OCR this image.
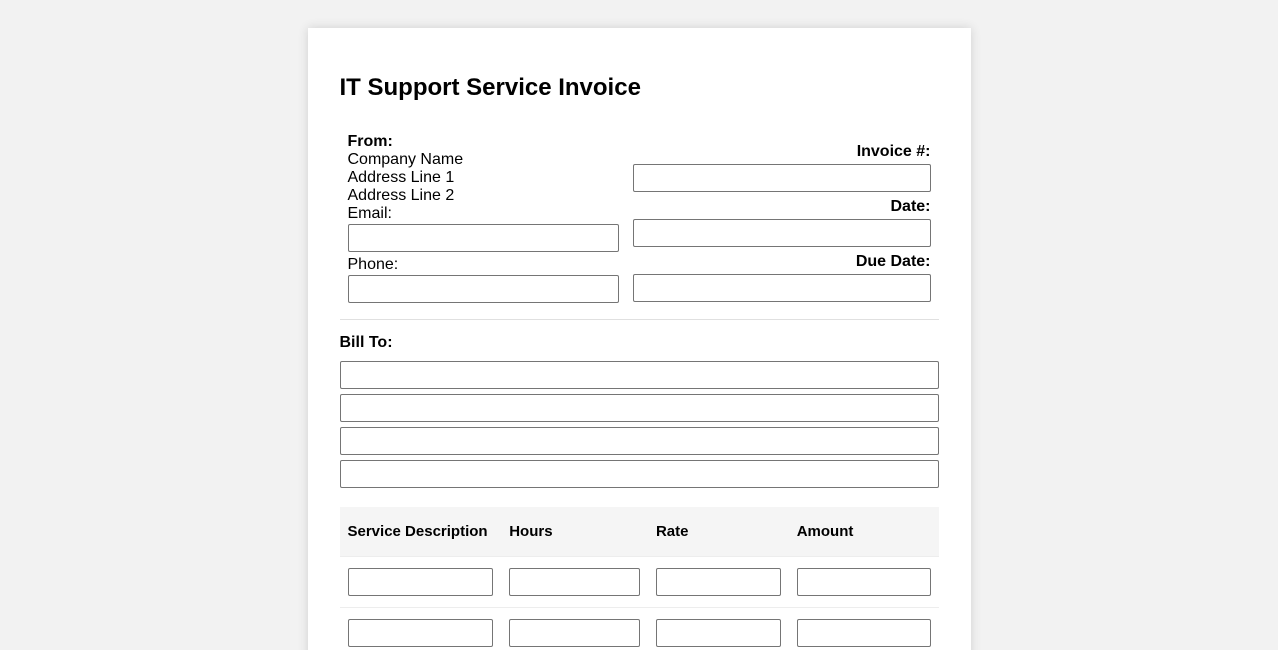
IT Support Service Invoice
From:
Company Name
Address Line 1
Address Line 2
Email:
Phone:
Invoice #:
Date:
Due Date:
Bill To:
Service Description	Hours	Rate	Amount
